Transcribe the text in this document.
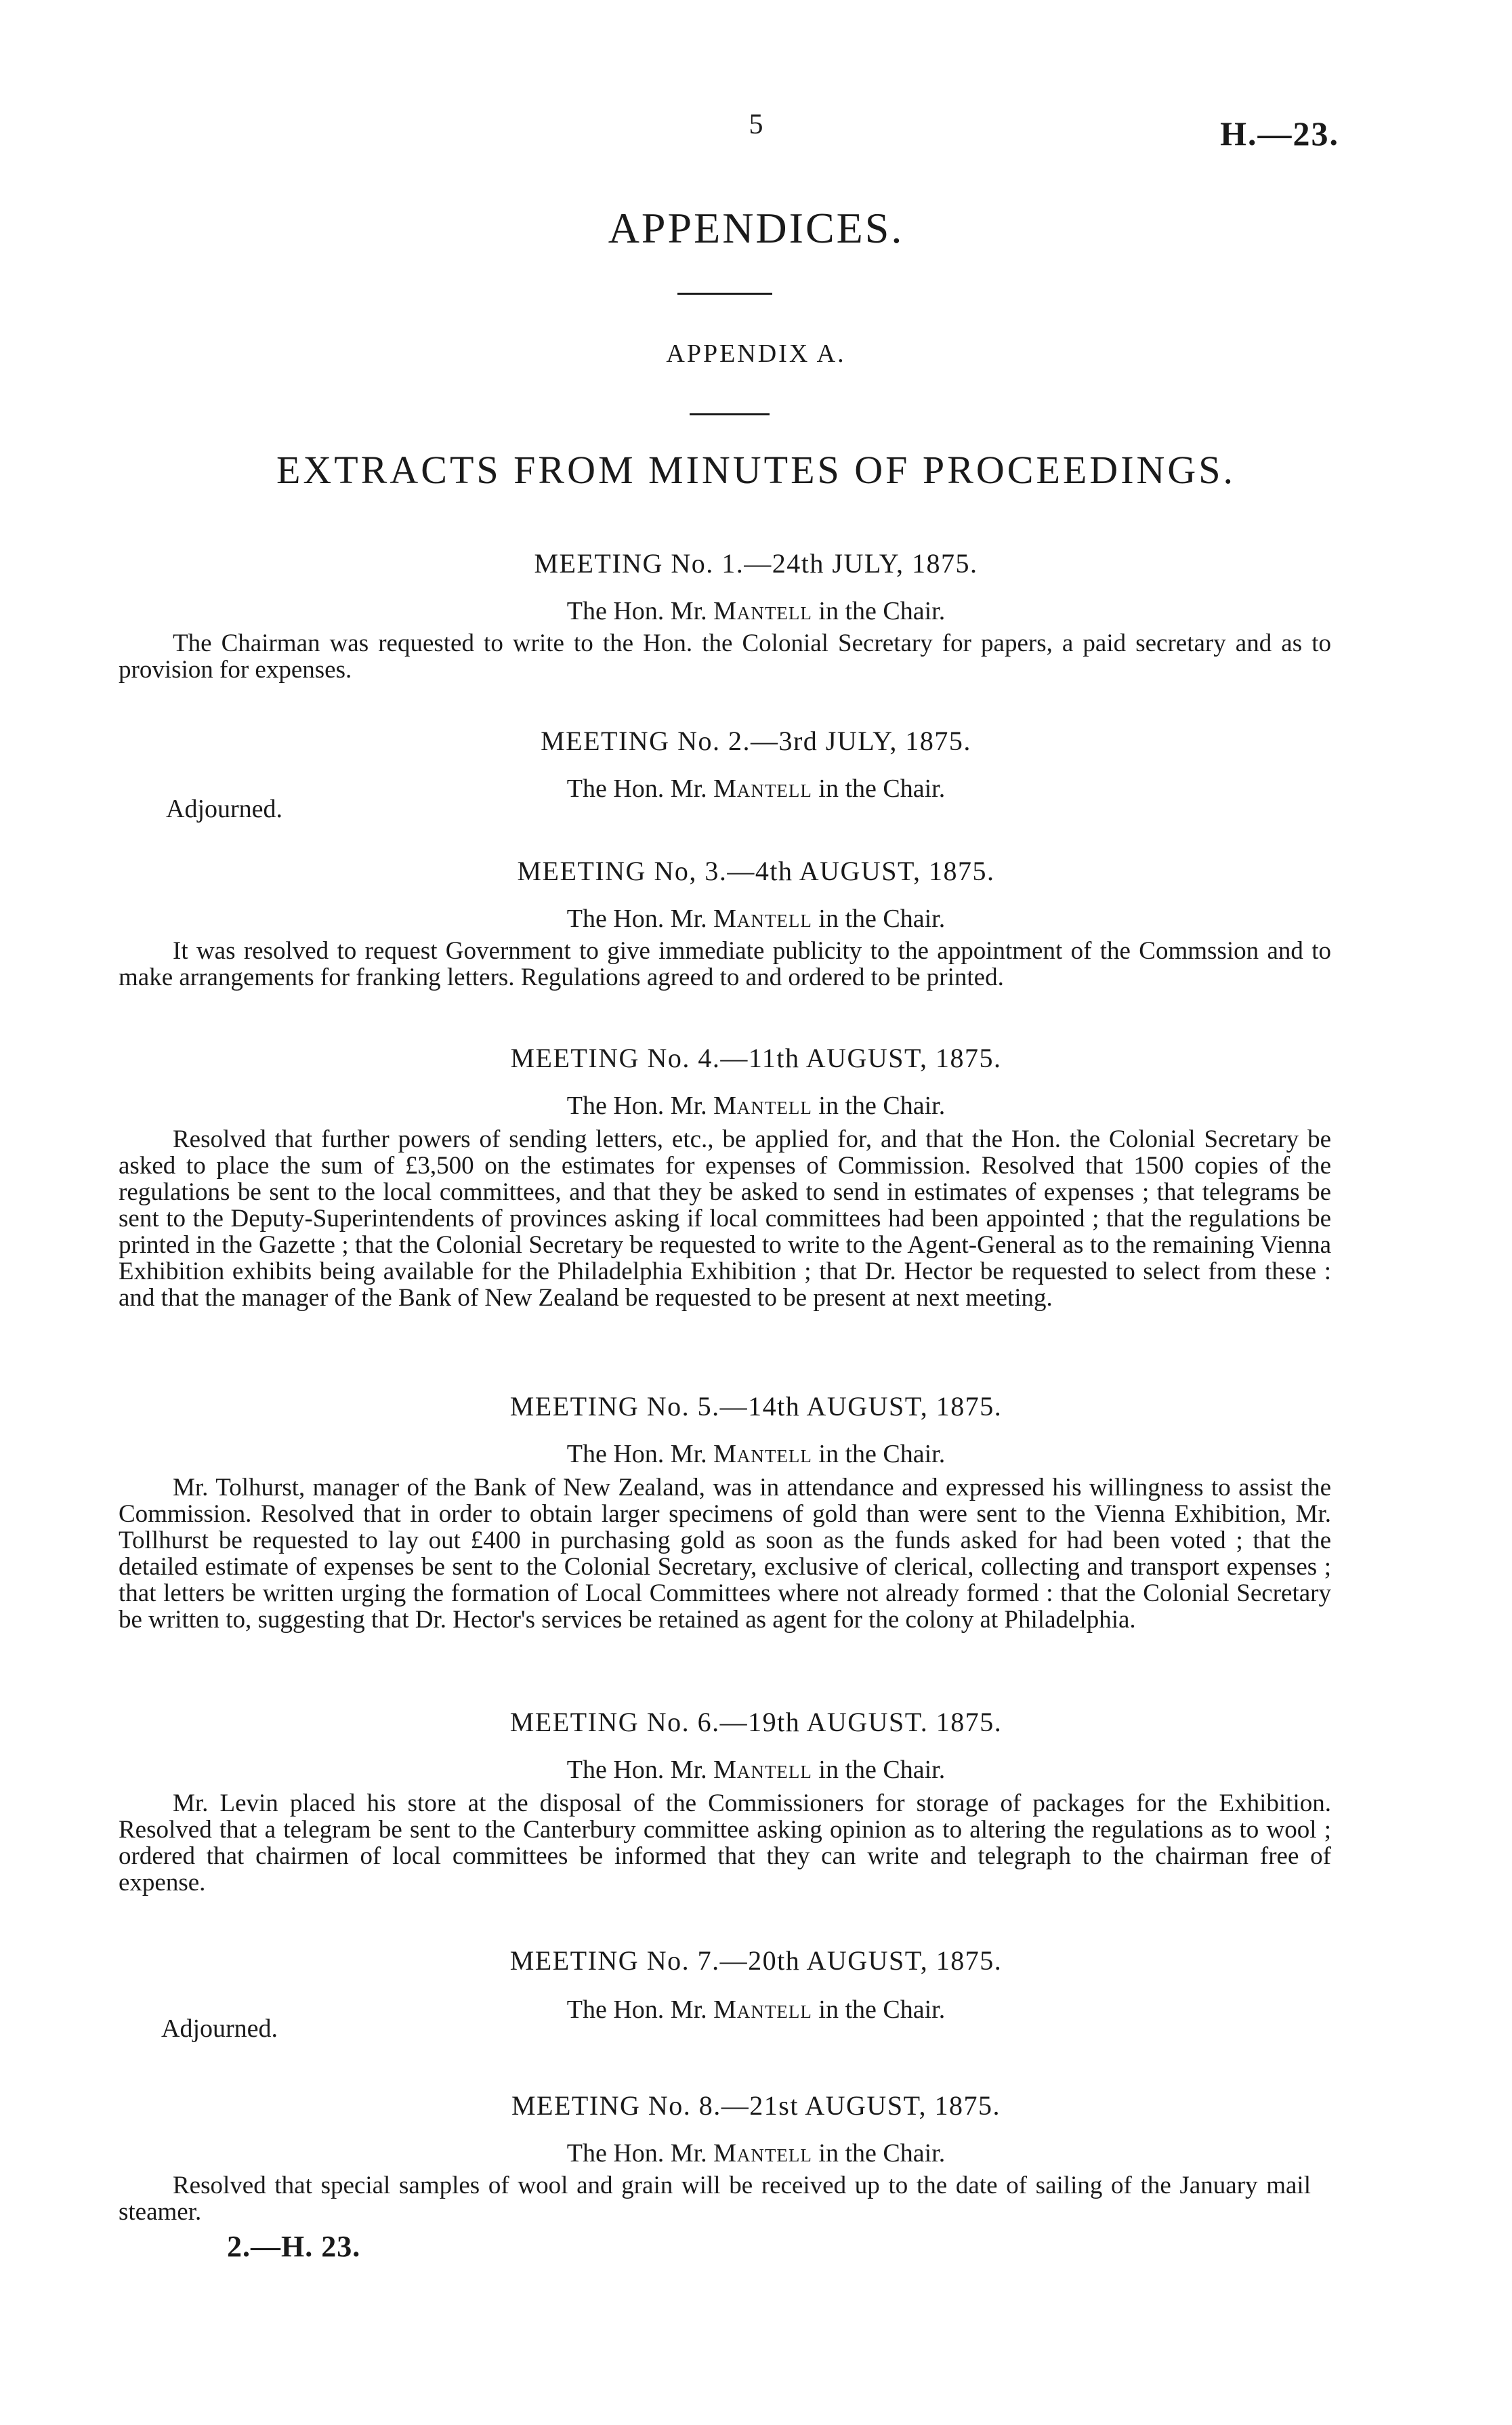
5	H.—23.
APPENDICES.
APPENDIX A.
EXTRACTS FROM MINUTES OF PROCEEDINGS.
MEETING No. 1.—24th JULY, 1875.
The Hon. Mr. Mantell in the Chair.

The Chairman was requested to write to the Hon. the Colonial Secretary for papers, a paid secretary and as to provision for expenses.

MEETING No. 2.—3rd JULY, 1875.
The Hon. Mr. Mantell in the Chair.
Adjourned.
MEETING No, 3.—4th AUGUST, 1875.
The Hon. Mr. Mantell in the Chair.

It was resolved to request Government to give immediate publicity to the appointment of the Commssion and to make arrangements for franking letters. Regulations agreed to and ordered to be printed.

MEETING No. 4.—11th AUGUST, 1875.
The Hon. Mr. Mantell in the Chair.

Resolved that further powers of sending letters, etc., be applied for, and that the Hon. the Colonial Secretary be asked to place the sum of £3,500 on the estimates for expenses of Commission. Resolved that 1500 copies of the regulations be sent to the local committees, and that they be asked to send in estimates of expenses ; that telegrams be sent to the Deputy-Superintendents of provinces asking if local committees had been appointed ; that the regulations be printed in the Gazette ; that the Colonial Secretary be requested to write to the Agent-General as to the remaining Vienna Exhibition exhibits being available for the Philadelphia Exhibition ; that Dr. Hector be requested to select from these : and that the manager of the Bank of New Zealand be requested to be present at next meeting.

MEETING No. 5.—14th AUGUST, 1875.
The Hon. Mr. Mantell in the Chair.

Mr. Tolhurst, manager of the Bank of New Zealand, was in attendance and expressed his willingness to assist the Commission. Resolved that in order to obtain larger specimens of gold than were sent to the Vienna Exhibition, Mr. Tollhurst be requested to lay out £400 in purchasing gold as soon as the funds asked for had been voted ; that the detailed estimate of expenses be sent to the Colonial Secretary, exclusive of clerical, collecting and transport expenses ; that letters be written urging the formation of Local Committees where not already formed : that the Colonial Secretary be written to, suggesting that Dr. Hector's services be retained as agent for the colony at Philadelphia.

MEETING No. 6.—19th AUGUST. 1875.
The Hon. Mr. Mantell in the Chair.

Mr. Levin placed his store at the disposal of the Commissioners for storage of packages for the Exhibition. Resolved that a telegram be sent to the Canterbury committee asking opinion as to altering the regulations as to wool ; ordered that chairmen of local committees be informed that they can write and telegraph to the chairman free of expense.

MEETING No. 7.—20th AUGUST, 1875.
The Hon. Mr. Mantell in the Chair.
Adjourned.
MEETING No. 8.—21st AUGUST, 1875.
The Hon. Mr. Mantell in the Chair.

Resolved that special samples of wool and grain will be received up to the date of sailing of the January mail steamer.

2.—H. 23.
